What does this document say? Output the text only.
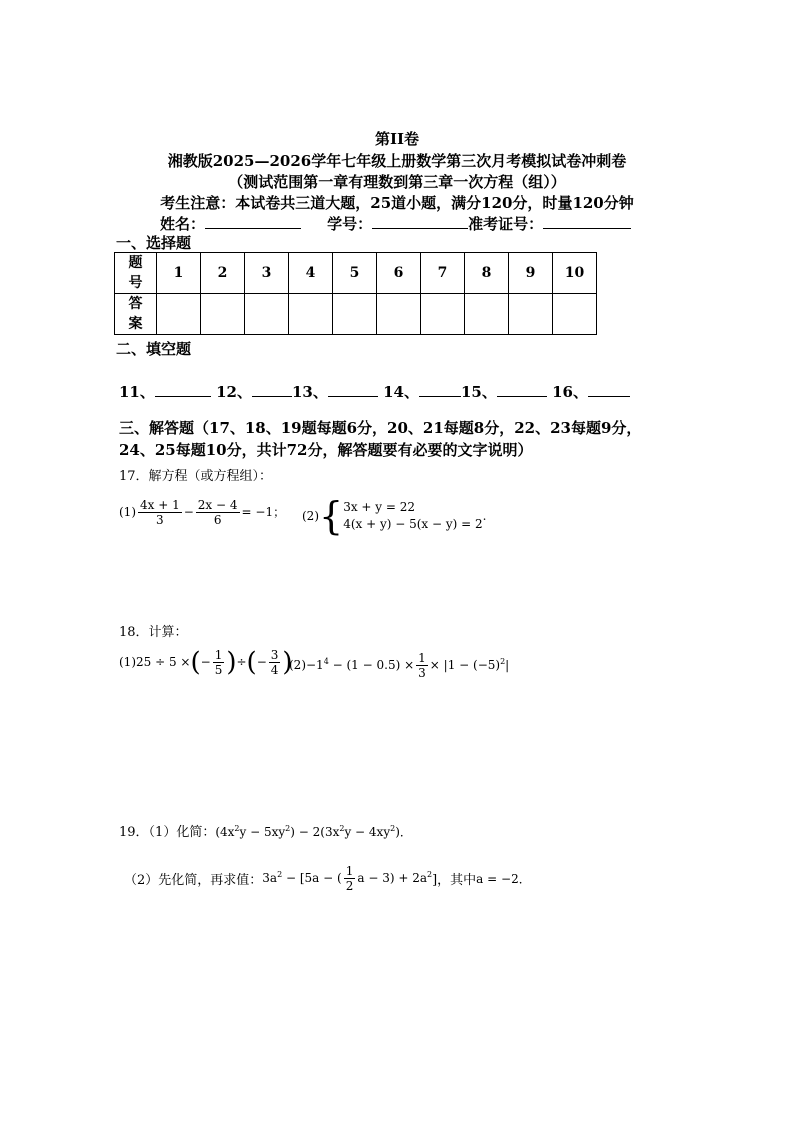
第II卷
湘教版2025—2026学年七年级上册数学第三次月考模拟试卷冲刺卷
（测试范围第一章有理数到第三章一次方程（组））
考生注意：本试卷共三道大题，25道小题，满分120分，时量120分钟
姓名：	学号：	准考证号：
一、选择题
题号	1	2	3	4	5	6	7	8	9	10
答案										
二、填空题
11、	12、	13、	14、	15、	16、
三、解答题（17、18、19题每题6分，20、21每题8分，22、23每题9分，
24、25每题10分，共计72分，解答题要有必要的文字说明）
17．解方程（或方程组）：
$(1) \frac{4x + 1}{3} - \frac{2x - 4}{6} = -1$； (2){ 3x + y = 22
4(x + y) − 5(x − y) = 2
.
18．计算：
(1)25 ÷ 5 ×(− $\frac{1}{5}$ )÷(− $\frac{3}{4}$ )
$(2)-1^4 - (1 - 0.5) \times \frac{1}{3} \times |1 - (-5)^2|$
19．（1）化简：$(4x^2y - 5xy^2) - 2(3x^2y - 4xy^2)$．
（2）先化简，再求值：$3a^2 - [5a$ − ( $\frac{1}{2}$ $a - 3) + 2a^2$]，其中a = −2．
